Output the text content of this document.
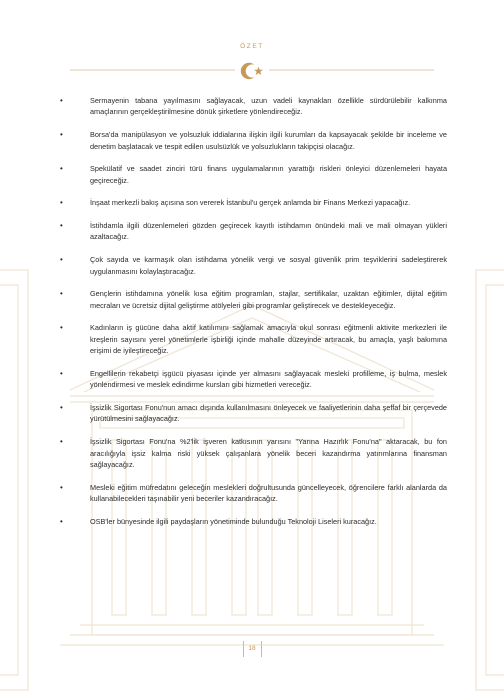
ÖZET
•	Sermayenin tabana yayılmasını sağlayacak, uzun vadeli kaynakları özellikle sürdürülebilir kalkınma amaçlarının gerçekleştirilmesine dönük şirketlere yönlendireceğiz.
•	Borsa'da manipülasyon ve yolsuzluk iddialarına ilişkin ilgili kurumları da kapsayacak şekilde bir inceleme ve denetim başlatacak ve tespit edilen usulsüzlük ve yolsuzlukların takipçisi olacağız.
•	Spekülatif ve saadet zinciri türü finans uygulamalarının yarattığı riskleri önleyici düzenlemeleri hayata geçireceğiz.
•	İnşaat merkezli bakış açısına son vererek İstanbul'u gerçek anlamda bir Finans Merkezi yapacağız.
•	İstihdamla ilgili düzenlemeleri gözden geçirecek kayıtlı istihdamın önündeki mali ve mali olmayan yükleri azaltacağız.
•	Çok sayıda ve karmaşık olan istihdama yönelik vergi ve sosyal güvenlik prim teşviklerini sadeleştirerek uygulanmasını kolaylaştıracağız.
•	Gençlerin istihdamına yönelik kısa eğitim programları, stajlar, sertifikalar, uzaktan eğitimler, dijital eğitim mecraları ve ücretsiz dijital geliştirme atölyeleri gibi programlar geliştirecek ve destekleyeceğiz.
•	Kadınların iş gücüne daha aktif katılımını sağlamak amacıyla okul sonrası eğitmenli aktivite merkezleri ile kreşlerin sayısını yerel yönetimlerle işbirliği içinde mahalle düzeyinde artıracak, bu amaçla, yaşlı bakımına erişimi de iyileştireceğiz.
•	Engellilerin rekabetçi işgücü piyasası içinde yer almasını sağlayacak mesleki profilleme, iş bulma, meslek yönlendirmesi ve meslek edindirme kursları gibi hizmetleri vereceğiz.
•	İşsizlik Sigortası Fonu'nun amacı dışında kullanılmasını önleyecek ve faaliyetlerinin daha şeffaf bir çerçevede yürütülmesini sağlayacağız.
•	İşsizlik Sigortası Fonu'na %2'lik işveren katkısının yarısını "Yarına Hazırlık Fonu'na" aktaracak, bu fon aracılığıyla işsiz kalma riski yüksek çalışanlara yönelik beceri kazandırma yatırımlarına finansman sağlayacağız.
•	Mesleki eğitim müfredatını geleceğin meslekleri doğrultusunda güncelleyecek, öğrencilere farklı alanlarda da kullanabilecekleri taşınabilir yeni beceriler kazandıracağız.
•	OSB'ler bünyesinde ilgili paydaşların yönetiminde bulunduğu Teknoloji Liseleri kuracağız.
18
